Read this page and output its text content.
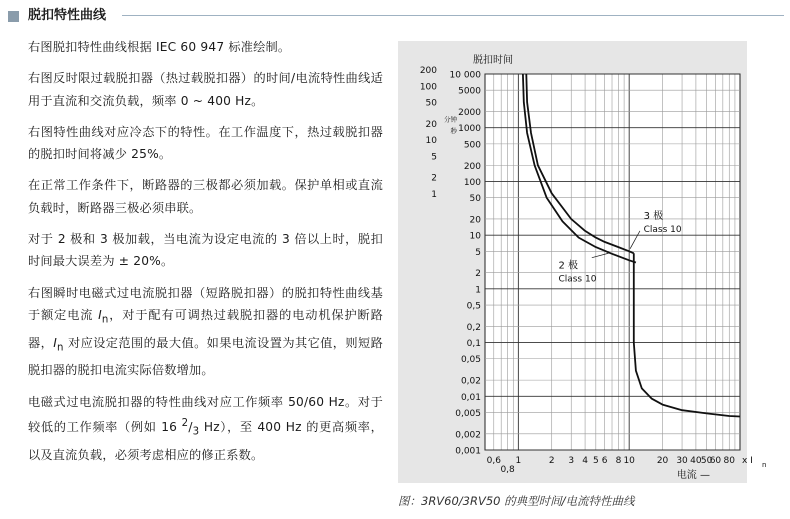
脱扣特性曲线

右图脱扣特性曲线根据 IEC 60 947 标准绘制。

右图反时限过载脱扣器（热过载脱扣器）的时间/电流特性曲线适用于直流和交流负载，频率 0 ~ 400 Hz。

右图特性曲线对应冷态下的特性。在工作温度下，热过载脱扣器的脱扣时间将减少 25%。

在正常工作条件下，断路器的三极都必须加载。保护单相或直流负载时，断路器三极必须串联。

对于 2 极和 3 极加载，当电流为设定电流的 3 倍以上时，脱扣时间最大误差为 ± 20%。

右图瞬时电磁式过电流脱扣器（短路脱扣器）的脱扣特性曲线基于额定电流 $I_n$，对于配有可调热过载脱扣器的电动机保护断路器，$I_n$ 对应设定范围的最大值。如果电流设置为其它值，则短路脱扣器的脱扣电流实际倍数增加。

电磁式过电流脱扣器的特性曲线对应工作频率 50/60 Hz。对于较低的工作频率（例如 16 $^2/_3$ Hz），至 400 Hz 的更高频率，以及直流负载，必须考虑相应的修正系数。

500
200
100
50
20
10
5
2
1
0,5
0,2
0,1
0,05
0,02
0,01
0,005
0,002
0,001
10 000
5000
2000
1000
200
100
50
20
10
5
2
1
脱扣时间
分钟
秒
0,6
0,8
1	2 3 4 5 6 8 10 20 30 40 50
60 80 x I n
电流 —
3 极
Class 10
2 极
Class 10
图：3RV60/3RV50 的典型时间/电流特性曲线
